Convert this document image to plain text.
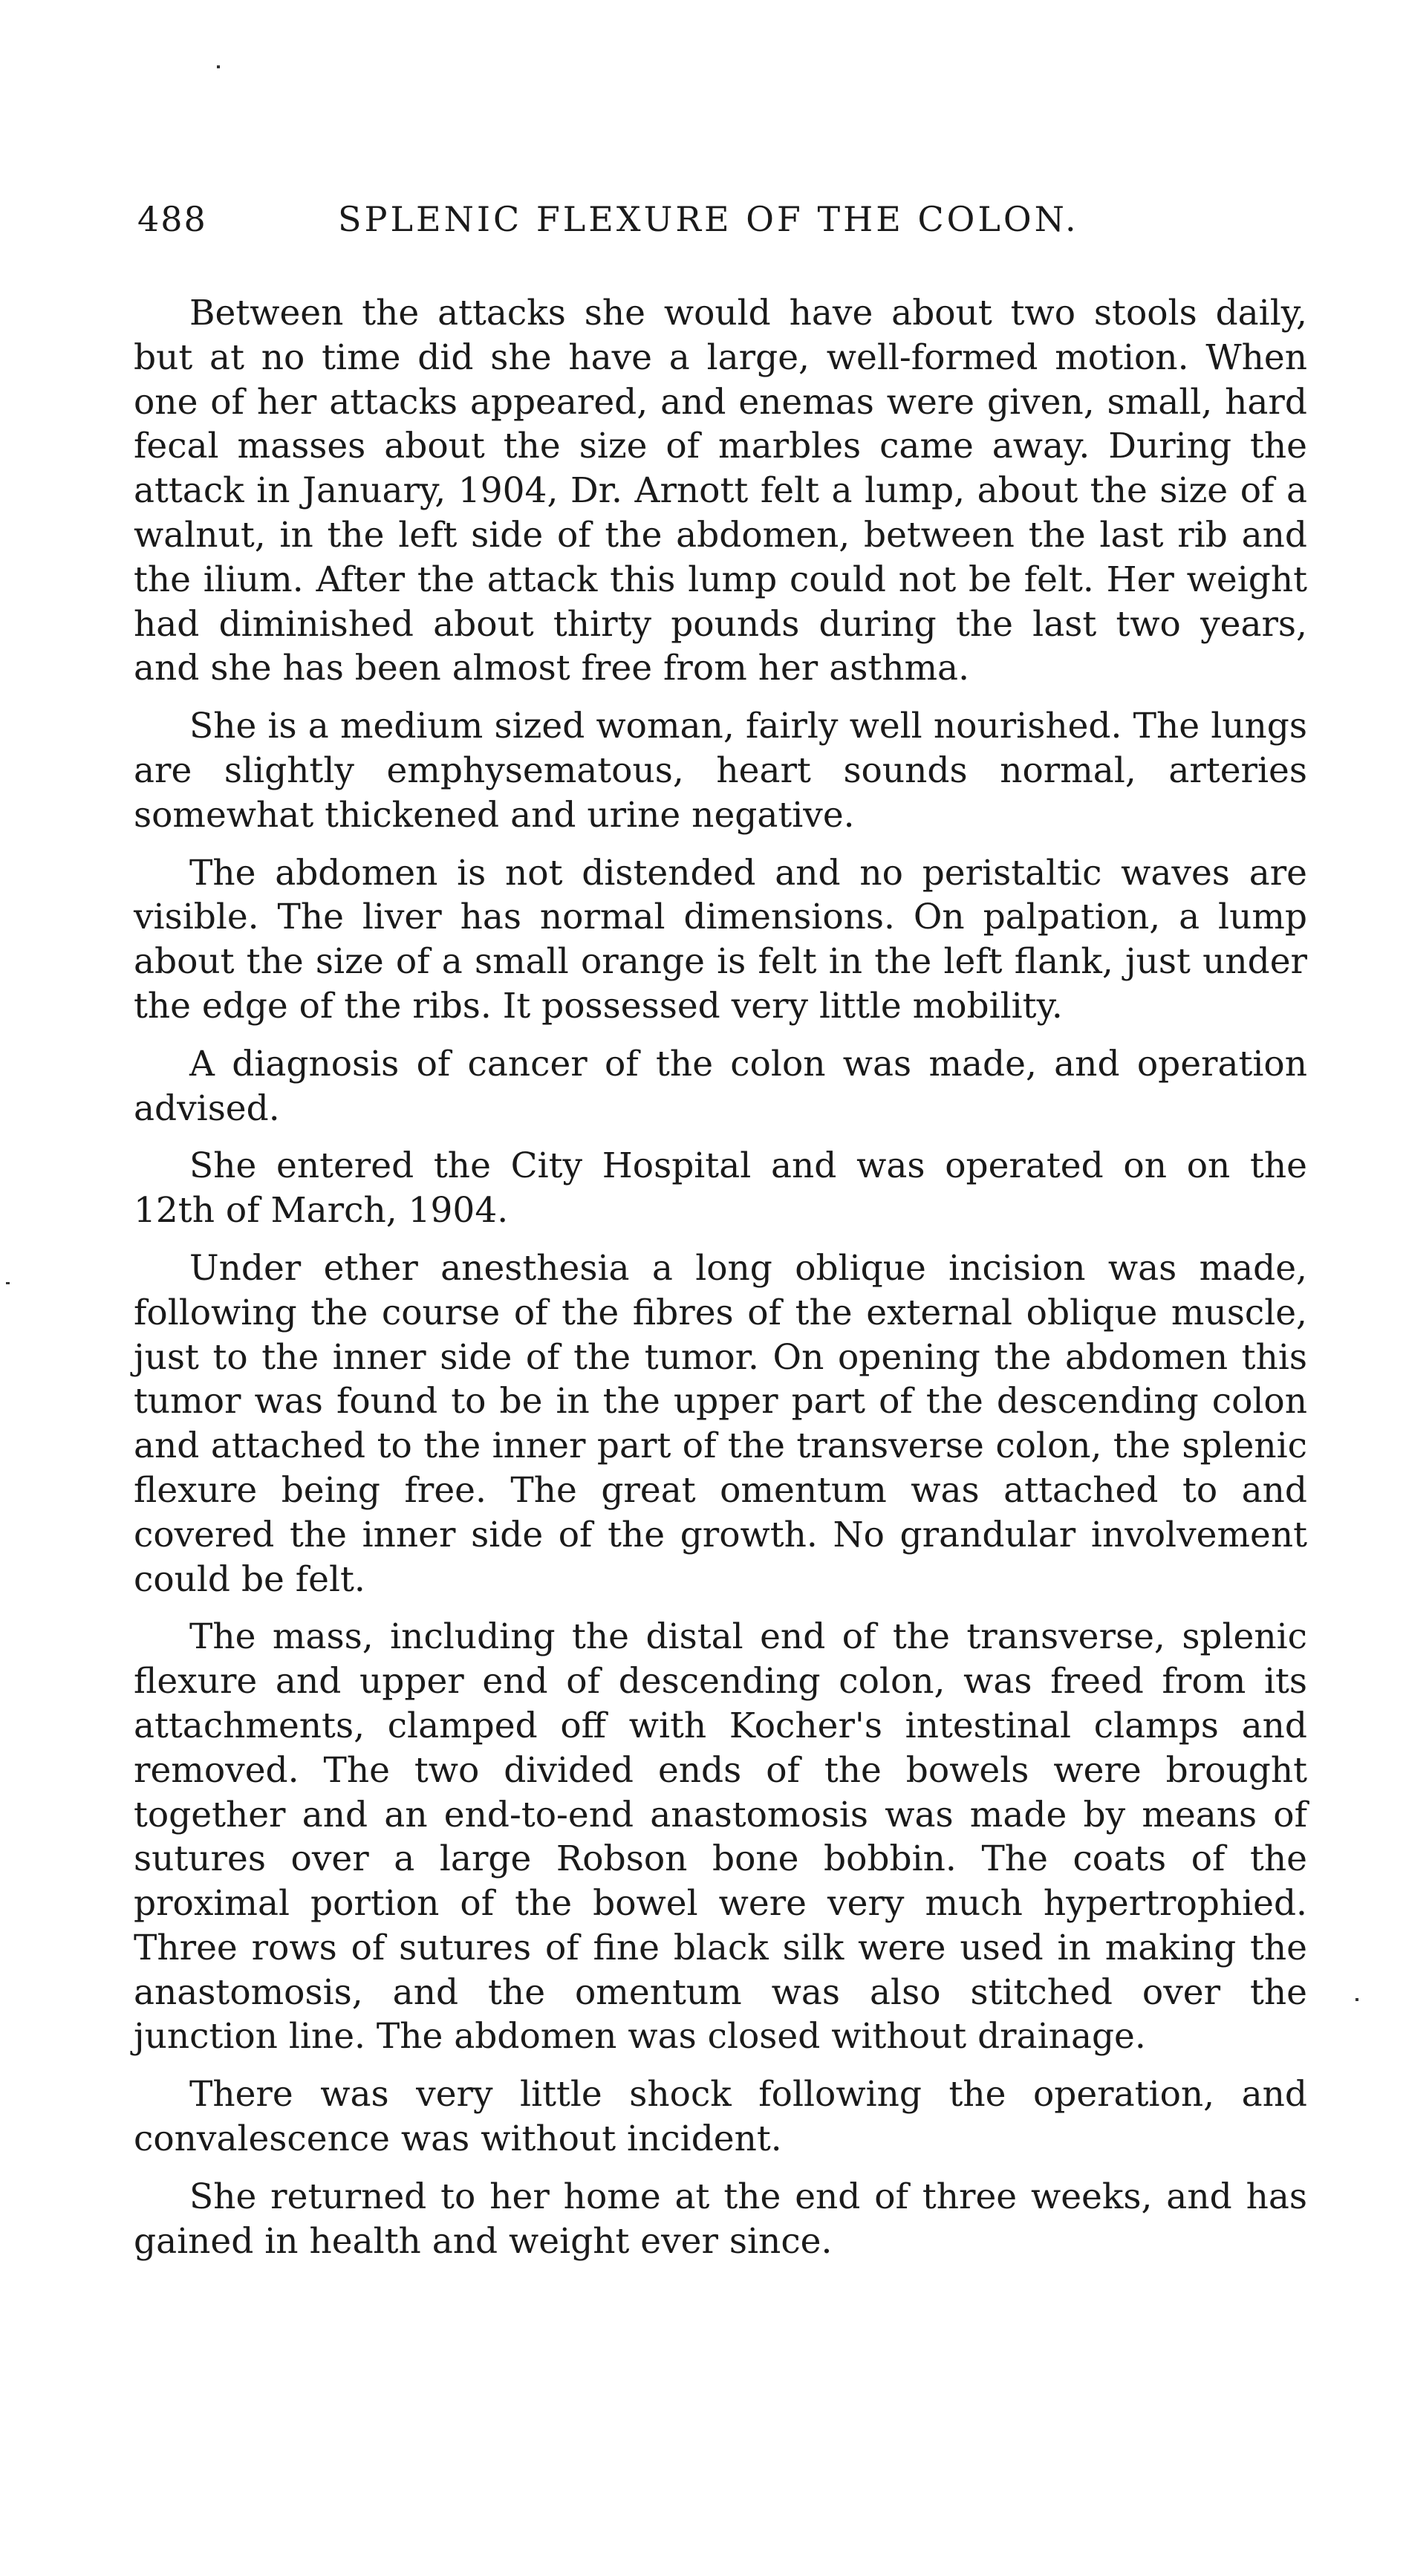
488	SPLENIC FLEXURE OF THE COLON.

Between the attacks she would have about two stools daily, but at no time did she have a large, well-formed motion. When one of her attacks appeared, and enemas were given, small, hard fecal masses about the size of marbles came away. During the attack in January, 1904, Dr. Arnott felt a lump, about the size of a walnut, in the left side of the abdomen, between the last rib and the ilium. After the attack this lump could not be felt. Her weight had diminished about thirty pounds during the last two years, and she has been almost free from her asthma.

She is a medium sized woman, fairly well nourished. The lungs are slightly emphysematous, heart sounds normal, arteries somewhat thickened and urine negative.

The abdomen is not distended and no peristaltic waves are visible. The liver has normal dimensions. On palpation, a lump about the size of a small orange is felt in the left flank, just under the edge of the ribs. It possessed very little mobility.

A diagnosis of cancer of the colon was made, and operation advised.

She entered the City Hospital and was operated on on the 12th of March, 1904.

Under ether anesthesia a long oblique incision was made, following the course of the fibres of the external oblique muscle, just to the inner side of the tumor. On opening the abdomen this tumor was found to be in the upper part of the descending colon and attached to the inner part of the transverse colon, the splenic flexure being free. The great omentum was attached to and covered the inner side of the growth. No grandular involvement could be felt.

The mass, including the distal end of the transverse, splenic flexure and upper end of descending colon, was freed from its attachments, clamped off with Kocher's intestinal clamps and removed. The two divided ends of the bowels were brought together and an end-to-end anastomosis was made by means of sutures over a large Robson bone bobbin. The coats of the proximal portion of the bowel were very much hypertrophied. Three rows of sutures of fine black silk were used in making the anastomosis, and the omentum was also stitched over the junction line. The abdomen was closed without drainage.

There was very little shock following the operation, and convalescence was without incident.

She returned to her home at the end of three weeks, and has gained in health and weight ever since.
